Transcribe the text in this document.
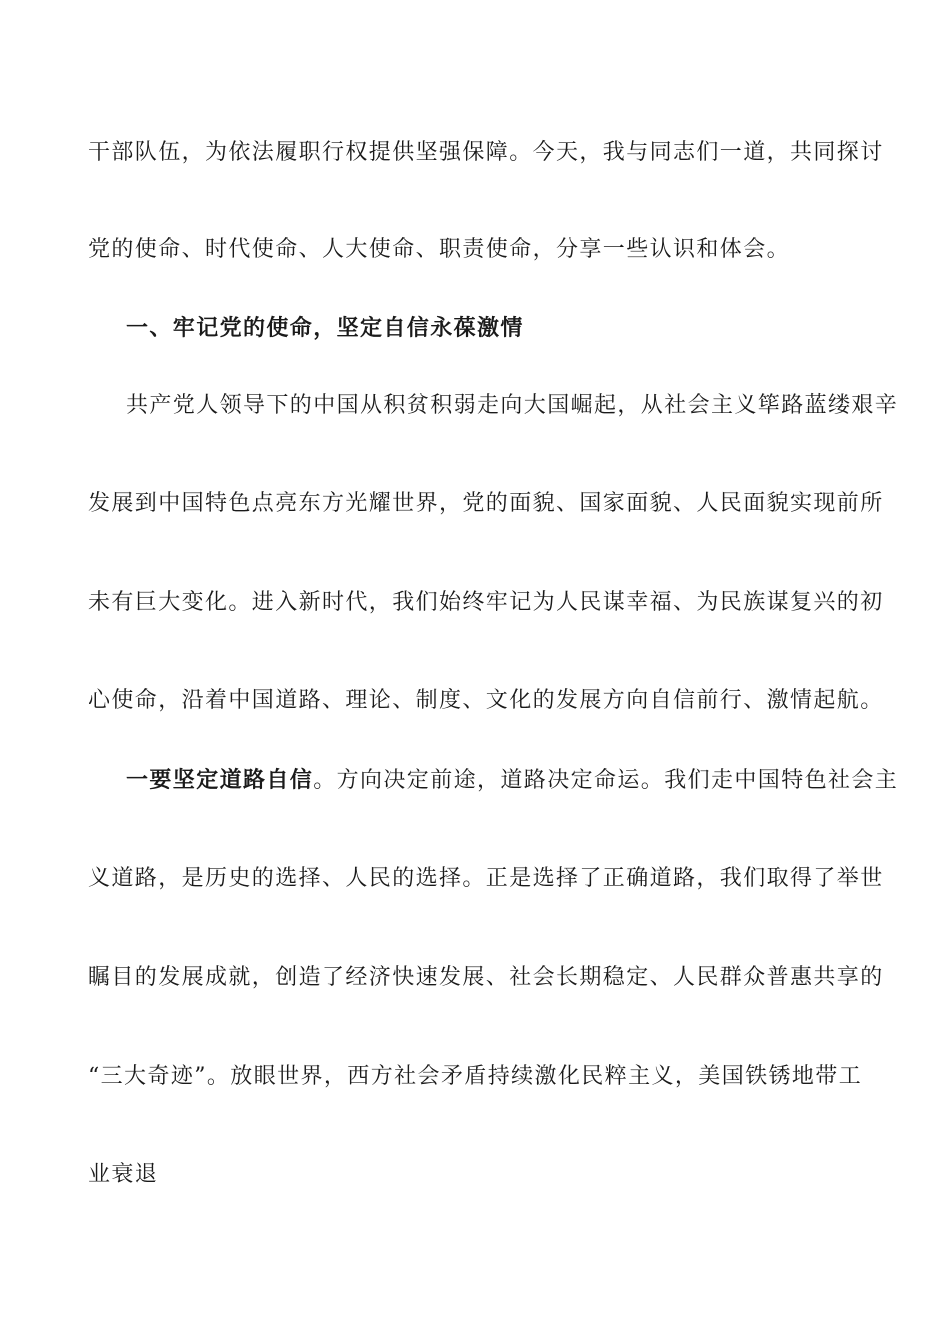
干部队伍，为依法履职行权提供坚强保障。今天，我与同志们一道，共同探讨
党的使命、时代使命、人大使命、职责使命，分享一些认识和体会。
一、牢记党的使命，坚定自信永葆激情
共产党人领导下的中国从积贫积弱走向大国崛起，从社会主义筚路蓝缕艰辛
发展到中国特色点亮东方光耀世界，党的面貌、国家面貌、人民面貌实现前所
未有巨大变化。进入新时代，我们始终牢记为人民谋幸福、为民族谋复兴的初
心使命，沿着中国道路、理论、制度、文化的发展方向自信前行、激情起航。
一要坚定道路自信。方向决定前途，道路决定命运。我们走中国特色社会主
义道路，是历史的选择、人民的选择。正是选择了正确道路，我们取得了举世
瞩目的发展成就，创造了经济快速发展、社会长期稳定、人民群众普惠共享的
“三大奇迹”。放眼世界，西方社会矛盾持续激化民粹主义，美国铁锈地带工
业衰退
